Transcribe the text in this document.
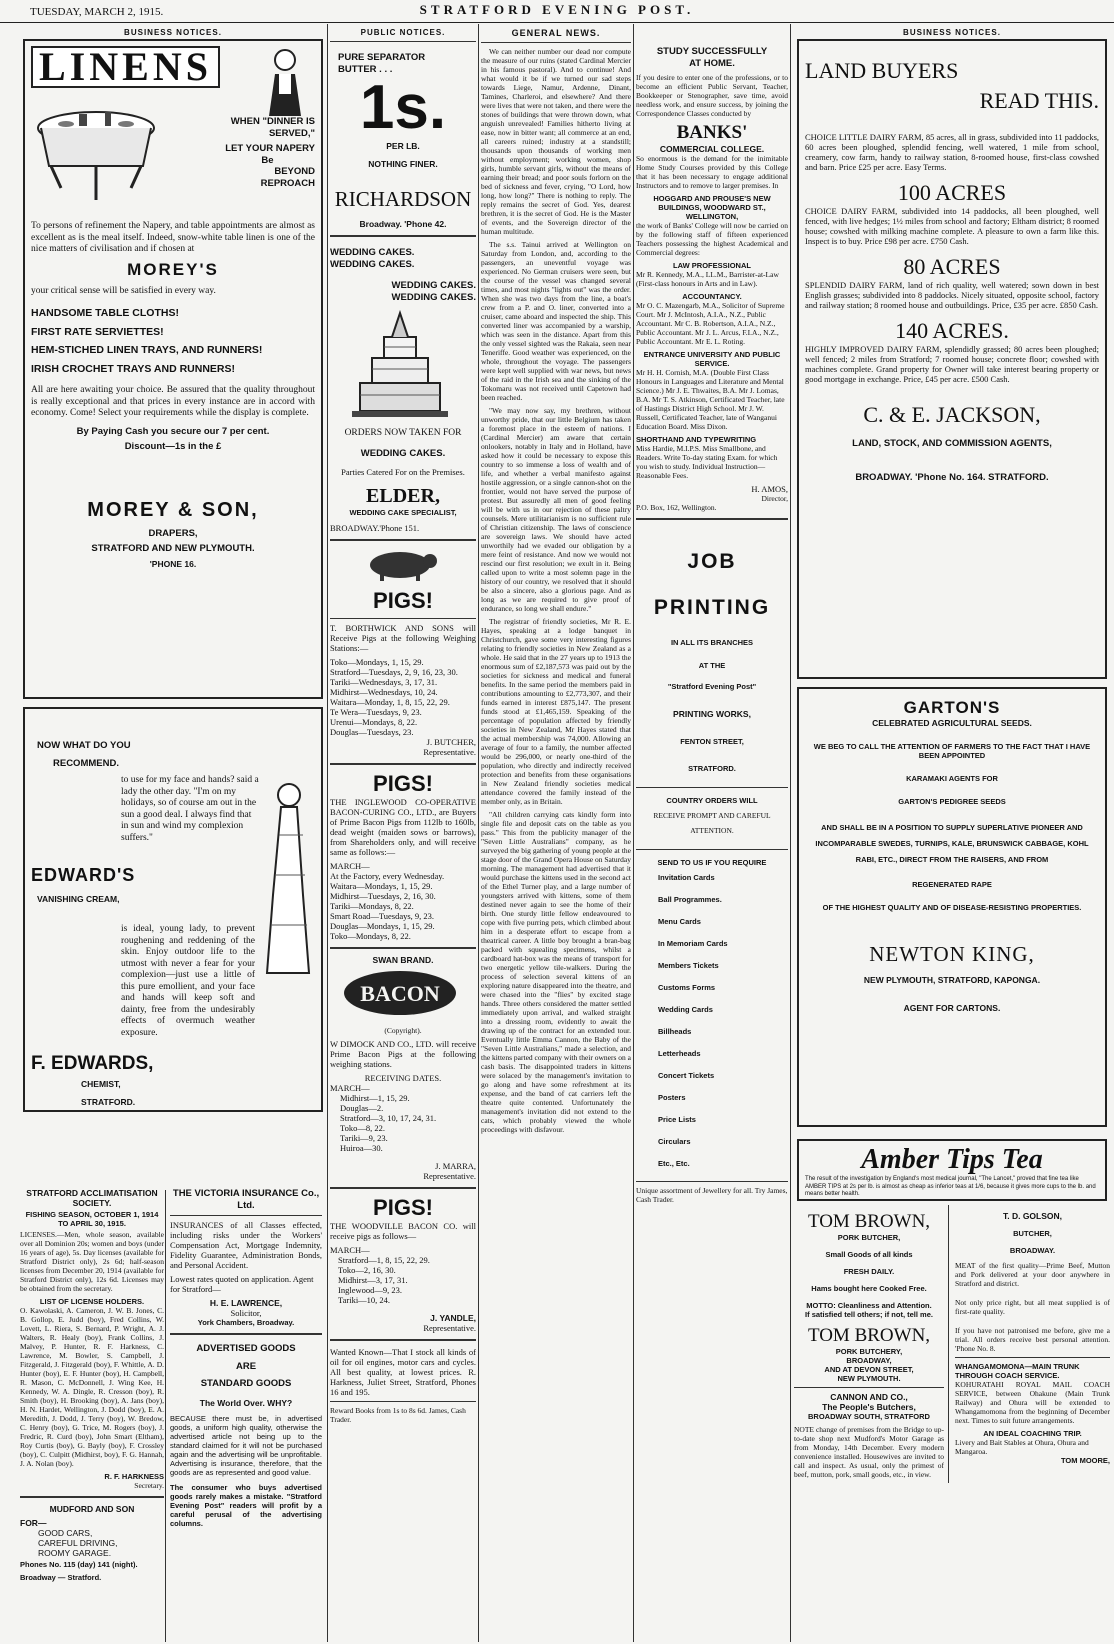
TUESDAY, MARCH 2, 1915.	STRATFORD EVENING POST.
BUSINESS NOTICES.
LINENS
WHEN "DINNER IS SERVED,"
LET YOUR NAPERY
Be
BEYOND REPROACH

To persons of refinement the Napery, and table appointments are almost as excellent as is the meal itself. Indeed, snow-white table linen is one of the nice matters of civilisation and if chosen at

MOREY'S

your critical sense will be satisfied in every way.

HANDSOME TABLE CLOTHS!
FIRST RATE SERVIETTES!
HEM-STICHED LINEN TRAYS, AND RUNNERS!
IRISH CROCHET TRAYS AND RUNNERS!

All are here awaiting your choice. Be assured that the quality throughout is really exceptional and that prices in every instance are in accord with economy. Come! Select your requirements while the display is complete.

By Paying Cash you secure our 7 per cent.
Discount—1s in the £
MOREY & SON,
DRAPERS,
STRATFORD AND NEW PLYMOUTH.
'PHONE 16.
NOW WHAT DO YOU
RECOMMEND.

to use for my face and hands? said a lady the other day. "I'm on my holidays, so of course am out in the sun a good deal. I always find that in sun and wind my complexion suffers."

EDWARD'S
VANISHING CREAM,

is ideal, young lady, to prevent roughening and reddening of the skin. Enjoy outdoor life to the utmost with never a fear for your complexion—just use a little of this pure emollient, and your face and hands will keep soft and dainty, free from the undesirably effects of overmuch weather exposure.

F. EDWARDS,
CHEMIST,
STRATFORD.
STRATFORD ACCLIMATISATION SOCIETY.
FISHING SEASON, OCTOBER 1, 1914 TO APRIL 30, 1915.

LICENSES.—Men, whole season, available over all Dominion 20s; women and boys (under 16 years of age), 5s. Day licenses (available for Stratford District only), 2s 6d; half-season licenses from December 20, 1914 (available for Stratford District only), 12s 6d. Licenses may be obtained from the secretary.

LIST OF LICENSE HOLDERS.

O. Kawolaski, A. Cameron, J. W. B. Jones, C. B. Gollop, E. Judd (boy), Fred Collins, W. Lovett, L. Riera, S. Bernard, P. Wright, A. J. Walters, R. Healy (boy), Frank Collins, J. Malvey, P. Hunter, R. F. Harkness, C. Lawrence, M. Bowler, S. Campbell, J. Fitzgerald, J. Fitzgerald (boy), F. Whittle, A. D. Hunter (boy), E. F. Hunter (boy), H. Campbell, R. Mason, C. McDonnell, J. Wing Kee, H. Kennedy, W. A. Dingle, R. Cresson (boy), R. Smith (boy), H. Brooking (boy), A. Jans (boy), H. N. Hardet, Wellington, J. Dodd (boy), E. A. Meredith, J. Dodd, J. Terry (boy), W. Bredow, C. Henry (boy), G. Trice, M. Rogers (boy), J. Fredric, R. Curd (boy), John Smart (Eltham), Roy Curtis (boy), G. Bayly (boy), F. Crossley (boy), C. Culpitt (Midhirst, boy), F. G. Hannah, J. A. Nolan (boy).

R. F. HARKNESS
Secretary.
MUDFORD AND SON
FOR—
GOOD CARS,
CAREFUL DRIVING,
ROOMY GARAGE.
Phones No. 115 (day) 141 (night).
Broadway — Stratford.
THE VICTORIA INSURANCE Co., Ltd.

INSURANCES of all Classes effected, including risks under the Workers' Compensation Act, Mortgage Indemnity, Fidelity Guarantee, Administration Bonds, and Personal Accident.

Lowest rates quoted on application. Agent for Stratford—

H. E. LAWRENCE,
Solicitor,
York Chambers, Broadway.
ADVERTISED GOODS
ARE
STANDARD GOODS
The World Over. WHY?

BECAUSE there must be, in advertised goods, a uniform high quality, otherwise the advertised article not being up to the standard claimed for it will not be purchased again and the advertising will be unprofitable. Advertising is insurance, therefore, that the goods are as represented and good value.

The consumer who buys advertised goods rarely makes a mistake. "Stratford Evening Post" readers will profit by a careful perusal of the advertising columns.

PUBLIC NOTICES.
PURE SEPARATOR
BUTTER . . .
1s.
PER LB.
NOTHING FINER.
RICHARDSON
Broadway. 'Phone 42.
WEDDING CAKES.
WEDDING CAKES.
WEDDING CAKES.
WEDDING CAKES.
ORDERS NOW TAKEN FOR
WEDDING CAKES.
Parties Catered For on the Premises.
ELDER,
WEDDING CAKE SPECIALIST,
BROADWAY. 'Phone 151.
PIGS!

T. BORTHWICK AND SONS will Receive Pigs at the following Weighing Stations:—

Toko—Mondays, 1, 15, 29.
Stratford—Tuesdays, 2, 9, 16, 23, 30.
Tariki—Wednesdays, 3, 17, 31.
Midhirst—Wednesdays, 10, 24.
Waitara—Monday, 1, 8, 15, 22, 29.
Te Wera—Tuesdays, 9, 23.
Urenui—Mondays, 8, 22.
Douglas—Tuesdays, 23.
J. BUTCHER,
Representative.
PIGS!

THE INGLEWOOD CO-OPERATIVE BACON-CURING CO., LTD., are Buyers of Prime Bacon Pigs from 112lb to 160lb, dead weight (maiden sows or barrows), from Shareholders only, and will receive same as follows:—

MARCH—
At the Factory, every Wednesday.
Waitara—Mondays, 1, 15, 29.
Midhirst—Tuesdays, 2, 16, 30.
Tariki—Mondays, 8, 22.
Smart Road—Tuesdays, 9, 23.
Douglas—Mondays, 1, 15, 29.
Toko—Mondays, 8, 22.
SWAN BRAND.
BACON
(Copyright).

W DIMOCK AND CO., LTD. will receive Prime Bacon Pigs at the following weighing stations.

RECEIVING DATES.
MARCH—
Midhirst—1, 15, 29.
Douglas—2.
Stratford—3, 10, 17, 24, 31.
Toko—8, 22.
Tariki—9, 23.
Huiroa—30.
J. MARRA,
Representative.
PIGS!

THE WOODVILLE BACON CO. will receive pigs as follows—

MARCH—
Stratford—1, 8, 15, 22, 29.
Toko—2, 16, 30.
Midhirst—3, 17, 31.
Inglewood—9, 23.
Tariki—10, 24.
J. YANDLE,
Representative.

Wanted Known—That I stock all kinds of oil for oil engines, motor cars and cycles. All best quality, at lowest prices. R. Harkness, Juliet Street, Stratford, Phones 16 and 195.

Reward Books from 1s to 8s 6d. James, Cash Trader.

GENERAL NEWS.

We can neither number our dead nor compute the measure of our ruins (stated Cardinal Mercier in his famous pastoral). And to continue! And what would it be if we turned our sad steps towards Liege, Namur, Ardenne, Dinant, Tamines, Charleroi, and elsewhere? And there were lives that were not taken, and there were the stones of buildings that were thrown down, what anguish unrevealed! Families hitherto living at ease, now in bitter want; all commerce at an end, all careers ruined; industry at a standstill; thousands upon thousands of working men without employment; working women, shop girls, humble servant girls, without the means of earning their bread; and poor souls forlorn on the bed of sickness and fever, crying, "O Lord, how long, how long?" There is nothing to reply. The reply remains the secret of God. Yes, dearest brethren, it is the secret of God. He is the Master of events, and the Sovereign director of the human multitude.

The s.s. Tainui arrived at Wellington on Saturday from London, and, according to the passengers, an uneventful voyage was experienced. No German cruisers were seen, but the course of the vessel was changed several times, and most nights "lights out" was the order. When she was two days from the line, a boat's crew from a P. and O. liner, converted into a cruiser, came aboard and inspected the ship. This converted liner was accompanied by a warship, which was seen in the distance. Apart from this the only vessel sighted was the Rakaia, seen near Teneriffe. Good weather was experienced, on the whole, throughout the voyage. The passengers were kept well supplied with war news, but news of the raid in the Irish sea and the sinking of the Tokomaru was not received until Capetown had been reached.

"We may now say, my brethren, without unworthy pride, that our little Belgium has taken a foremost place in the esteem of nations. I (Cardinal Mercier) am aware that certain onlookers, notably in Italy and in Holland, have asked how it could be necessary to expose this country to so immense a loss of wealth and of life, and whether a verbal manifesto against hostile aggression, or a single cannon-shot on the frontier, would not have served the purpose of protest. But assuredly all men of good feeling will be with us in our rejection of these paltry counsels. Mere utilitarianism is no sufficient rule of Christian citizenship. The laws of conscience are sovereign laws. We should have acted unworthily had we evaded our obligation by a mere feint of resistance. And now we would not rescind our first resolution; we exult in it. Being called upon to write a most solemn page in the history of our country, we resolved that it should be also a sincere, also a glorious page. And as long as we are required to give proof of endurance, so long we shall endure."

The registrar of friendly societies, Mr R. E. Hayes, speaking at a lodge banquet in Christchurch, gave some very interesting figures relating to friendly societies in New Zealand as a whole. He said that in the 27 years up to 1913 the enormous sum of £2,187,573 was paid out by the societies for sickness and medical and funeral benefits. In the same period the members paid in contributions amounting to £2,773,307, and their funds earned in interest £875,147. The present funds stood at £1,465,159. Speaking of the percentage of population affected by friendly societies in New Zealand, Mr Hayes stated that the actual membership was 74,000. Allowing an average of four to a family, the number affected would be 296,000, or nearly one-third of the population, who directly and indirectly received protection and benefits from these organisations in New Zealand friendly societies medical attendance covered the family instead of the member only, as in Britain.

"All children carrying cats kindly form into single file and deposit cats on the table as you pass." This from the publicity manager of the "Seven Little Australians" company, as he surveyed the big gathering of young people at the stage door of the Grand Opera House on Saturday morning. The management had advertised that it would purchase the kittens used in the second act of the Ethel Turner play, and a large number of youngsters arrived with kittens, some of them destined never again to see the home of their birth. One sturdy little fellow endeavoured to cope with five purring pets, which climbed about him in a desperate effort to escape from a theatrical career. A little boy brought a bran-bag packed with squealing specimens, whilst a cardboard hat-box was the means of transport for two energetic yellow tile-walkers. During the process of selection several kittens of an exploring nature disappeared into the theatre, and were chased into the "flies" by excited stage hands. Three others considered the matter settled immediately upon arrival, and walked straight into a dressing room, evidently to await the drawing up of the contract for an extended tour. Eventually little Emma Cannon, the Baby of the "Seven Little Australians," made a selection, and the kittens parted company with their owners on a cash basis. The disappointed traders in kittens were solaced by the management's invitation to go along and have some refreshment at its expense, and the band of cat carriers left the theatre quite contented. Unfortunately the management's invitation did not extend to the cats, which probably viewed the whole proceedings with disfavour.

STUDY SUCCESSFULLY
AT HOME.

If you desire to enter one of the professions, or to become an efficient Public Servant, Teacher, Bookkeeper or Stenographer, save time, avoid needless work, and ensure success, by joining the Correspondence Classes conducted by

BANKS'
COMMERCIAL COLLEGE.

So enormous is the demand for the inimitable Home Study Courses provided by this College that it has been necessary to engage additional Instructors and to remove to larger premises. In

HOGGARD AND PROUSE'S NEW BUILDINGS, WOODWARD ST., WELLINGTON,

the work of Banks' College will now be carried on by the following staff of fifteen experienced Teachers possessing the highest Academical and Commercial degrees:

LAW PROFESSIONAL

Mr R. Kennedy, M.A., LL.M., Barrister-at-Law (First-class honours in Arts and in Law).

ACCOUNTANCY.

Mr O. C. Mazengarb, M.A., Solicitor of Supreme Court. Mr J. McIntosh, A.I.A., N.Z., Public Accountant. Mr C. B. Robertson, A.I.A., N.Z., Public Accountant. Mr J. L. Arcus, F.I.A., N.Z., Public Accountant. Mr E. L. Roting.

ENTRANCE UNIVERSITY AND PUBLIC SERVICE.

Mr H. H. Cornish, M.A. (Double First Class Honours in Languages and Literature and Mental Science.) Mr J. E. Thwaites, B.A. Mr J. Lomas, B.A. Mr T. S. Atkinson, Certificated Teacher, late of Hastings District High School. Mr J. W. Russell, Certificated Teacher, late of Wanganui Education Board. Miss Dixon.

SHORTHAND AND TYPEWRITING

Miss Hardie, M.I.P.S. Miss Smallbone, and Readers. Write To-day stating Exam. for which you wish to study. Individual Instruction—Reasonable Fees.

H. AMOS,
Director,
P.O. Box, 162, Wellington.
JOB
PRINTING
IN ALL ITS BRANCHES
AT THE
"Stratford Evening Post"
PRINTING WORKS,
FENTON STREET,
STRATFORD.
COUNTRY ORDERS WILL
RECEIVE PROMPT AND CAREFUL
ATTENTION.
SEND TO US IF YOU REQUIRE
Invitation Cards
Ball Programmes.
Menu Cards
In Memoriam Cards
Members Tickets
Customs Forms
Wedding Cards
Billheads
Letterheads
Concert Tickets
Posters
Price Lists
Circulars
Etc., Etc.

Unique assortment of Jewellery for all. Try James, Cash Trader.

BUSINESS NOTICES.
LAND BUYERS
READ THIS.

CHOICE LITTLE DAIRY FARM, 85 acres, all in grass, subdivided into 11 paddocks, 60 acres been ploughed, splendid fencing, well watered, 1 mile from school, creamery, cow farm, handy to railway station, 8-roomed house, first-class cowshed and barn. Price £25 per acre. Easy Terms.

100 ACRES

CHOICE DAIRY FARM, subdivided into 14 paddocks, all been ploughed, well fenced, with live hedges; 1½ miles from school and factory; Eltham district; 8 roomed house; cowshed with milking machine complete. A pleasure to own a farm like this. Inspect is to buy. Price £98 per acre. £750 Cash.

80 ACRES

SPLENDID DAIRY FARM, land of rich quality, well watered; sown down in best English grasses; subdivided into 8 paddocks. Nicely situated, opposite school, factory and railway station; 8 roomed house and outbuildings. Price, £35 per acre. £850 Cash.

140 ACRES.

HIGHLY IMPROVED DAIRY FARM, splendidly grassed; 80 acres been ploughed; well fenced; 2 miles from Stratford; 7 roomed house; concrete floor; cowshed with machines complete. Grand property for Owner will take interest bearing property or good mortgage in exchange. Price, £45 per acre. £500 Cash.

C. & E. JACKSON,
LAND, STOCK, AND COMMISSION AGENTS,
BROADWAY. 'Phone No. 164. STRATFORD.
GARTON'S
CELEBRATED AGRICULTURAL SEEDS.
WE BEG TO CALL THE ATTENTION OF FARMERS TO THE FACT THAT I HAVE BEEN APPOINTED
KARAMAKI AGENTS FOR
GARTON'S PEDIGREE SEEDS
AND SHALL BE IN A POSITION TO SUPPLY SUPERLATIVE PIONEER AND INCOMPARABLE SWEDES, TURNIPS, KALE, BRUNSWICK CABBAGE, KOHL RABI, ETC., DIRECT FROM THE RAISERS, AND FROM
REGENERATED RAPE
OF THE HIGHEST QUALITY AND OF DISEASE-RESISTING PROPERTIES.
NEWTON KING,
NEW PLYMOUTH, STRATFORD, KAPONGA.
AGENT FOR CARTONS.
Amber Tips Tea
The result of the investigation by England's most medical journal, "The Lancet," proved that fine tea like AMBER TIPS at 2s per lb. is almost as cheap as inferior teas at 1/6, because it gives more cups to the lb. and means better health.
TOM BROWN,
PORK BUTCHER,
Small Goods of all kinds
FRESH DAILY.
Hams bought here Cooked Free.
MOTTO: Cleanliness and Attention.
If satisfied tell others; if not, tell me.
TOM BROWN,
PORK BUTCHERY,
BROADWAY,
AND AT DEVON STREET,
NEW PLYMOUTH.
CANNON AND CO.,
The People's Butchers,
BROADWAY SOUTH, STRATFORD

NOTE change of premises from the Bridge to up-to-date shop next Mudford's Motor Garage as from Monday, 14th December. Every modern convenience installed. Housewives are invited to call and inspect. As usual, only the primest of beef, mutton, pork, small goods, etc., in view.

T. D. GOLSON,
BUTCHER,
BROADWAY.

MEAT of the first quality—Prime Beef, Mutton and Pork delivered at your door anywhere in Stratford and district.

Not only price right, but all meat supplied is of first-rate quality.

If you have not patronised me before, give me a trial. All orders receive best personal attention. 'Phone No. 8.

WHANGAMOMONA—MAIN TRUNK THROUGH COACH SERVICE.

KOHURATAHI ROYAL MAIL COACH SERVICE, between Ohakune (Main Trunk Railway) and Ohura will be extended to Whangamomona from the beginning of December next. Times to suit future arrangements.

AN IDEAL COACHING TRIP.
Livery and Bait Stables at Ohura, Ohura and Mangaroa.
TOM MOORE,
